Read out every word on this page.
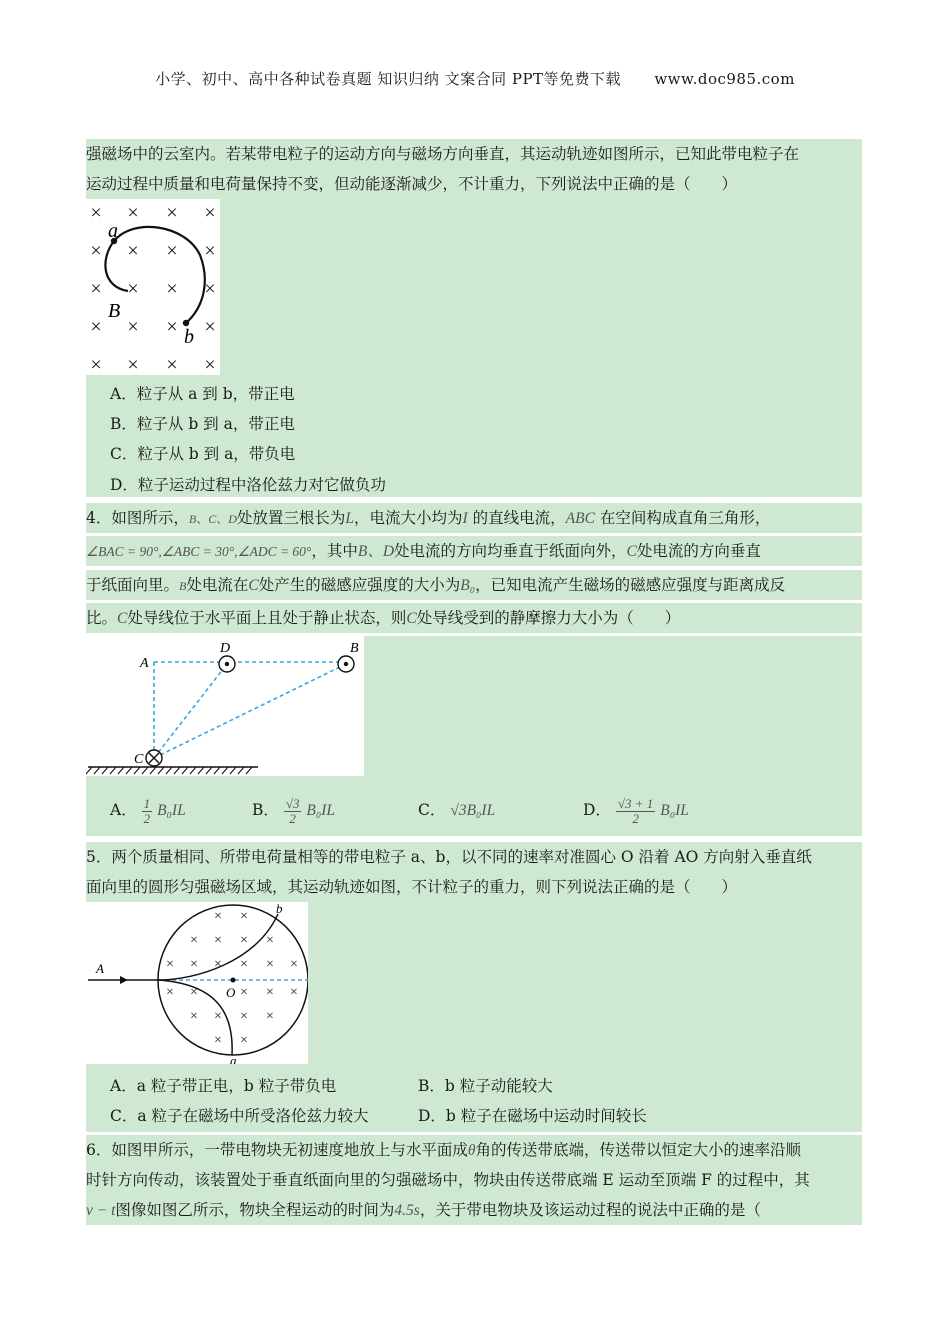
小学、初中、高中各种试卷真题 知识归纳 文案合同 PPT等免费下载 www.doc985.com
强磁场中的云室内。若某带电粒子的运动方向与磁场方向垂直，其运动轨迹如图所示，已知此带电粒子在
运动过程中质量和电荷量保持不变，但动能逐渐减少，不计重力，下列说法中正确的是（　　）
× × × ×
× × × ×
× × × ×
× × × ×
× × × ×
a
b
B
A．粒子从 a 到 b，带正电
B．粒子从 b 到 a，带正电
C．粒子从 b 到 a，带负电
D．粒子运动过程中洛伦兹力对它做负功
4．如图所示，B、C、D处放置三根长为L，电流大小均为I 的直线电流，ABC 在空间构成直角三角形，
∠BAC = 90°,∠ABC = 30°,∠ADC = 60°，其中B、D处电流的方向均垂直于纸面向外，C处电流的方向垂直
于纸面向里。B处电流在C处产生的磁感应强度的大小为B₀，已知电流产生磁场的磁感应强度与距离成反
比。C处导线位于水平面上且处于静止状态，则C处导线受到的静摩擦力大小为（　　）
A
D	B
C
A． $\frac{1}{2} B_0IL$	B． $\frac{√3}{2} B_0IL$	C． √3B₀IL	D． $\frac{√3 + 1}{2} B_0IL$
5．两个质量相同、所带电荷量相等的带电粒子 a、b，以不同的速率对准圆心 O 沿着 AO 方向射入垂直纸
面向里的圆形匀强磁场区域，其运动轨迹如图，不计粒子的重力，则下列说法正确的是（　　）
× ×
× × × ×
× × × × × ×
× ×	× × ×
× × × ×
× ×
A
O
b
a
A．a 粒子带正电，b 粒子带负电	B．b 粒子动能较大
C．a 粒子在磁场中所受洛伦兹力较大	D．b 粒子在磁场中运动时间较长
6．如图甲所示，一带电物块无初速度地放上与水平面成θ角的传送带底端，传送带以恒定大小的速率沿顺
时针方向传动，该装置处于垂直纸面向里的匀强磁场中，物块由传送带底端 E 运动至顶端 F 的过程中，其
v − t图像如图乙所示，物块全程运动的时间为4.5s，关于带电物块及该运动过程的说法中正确的是（
